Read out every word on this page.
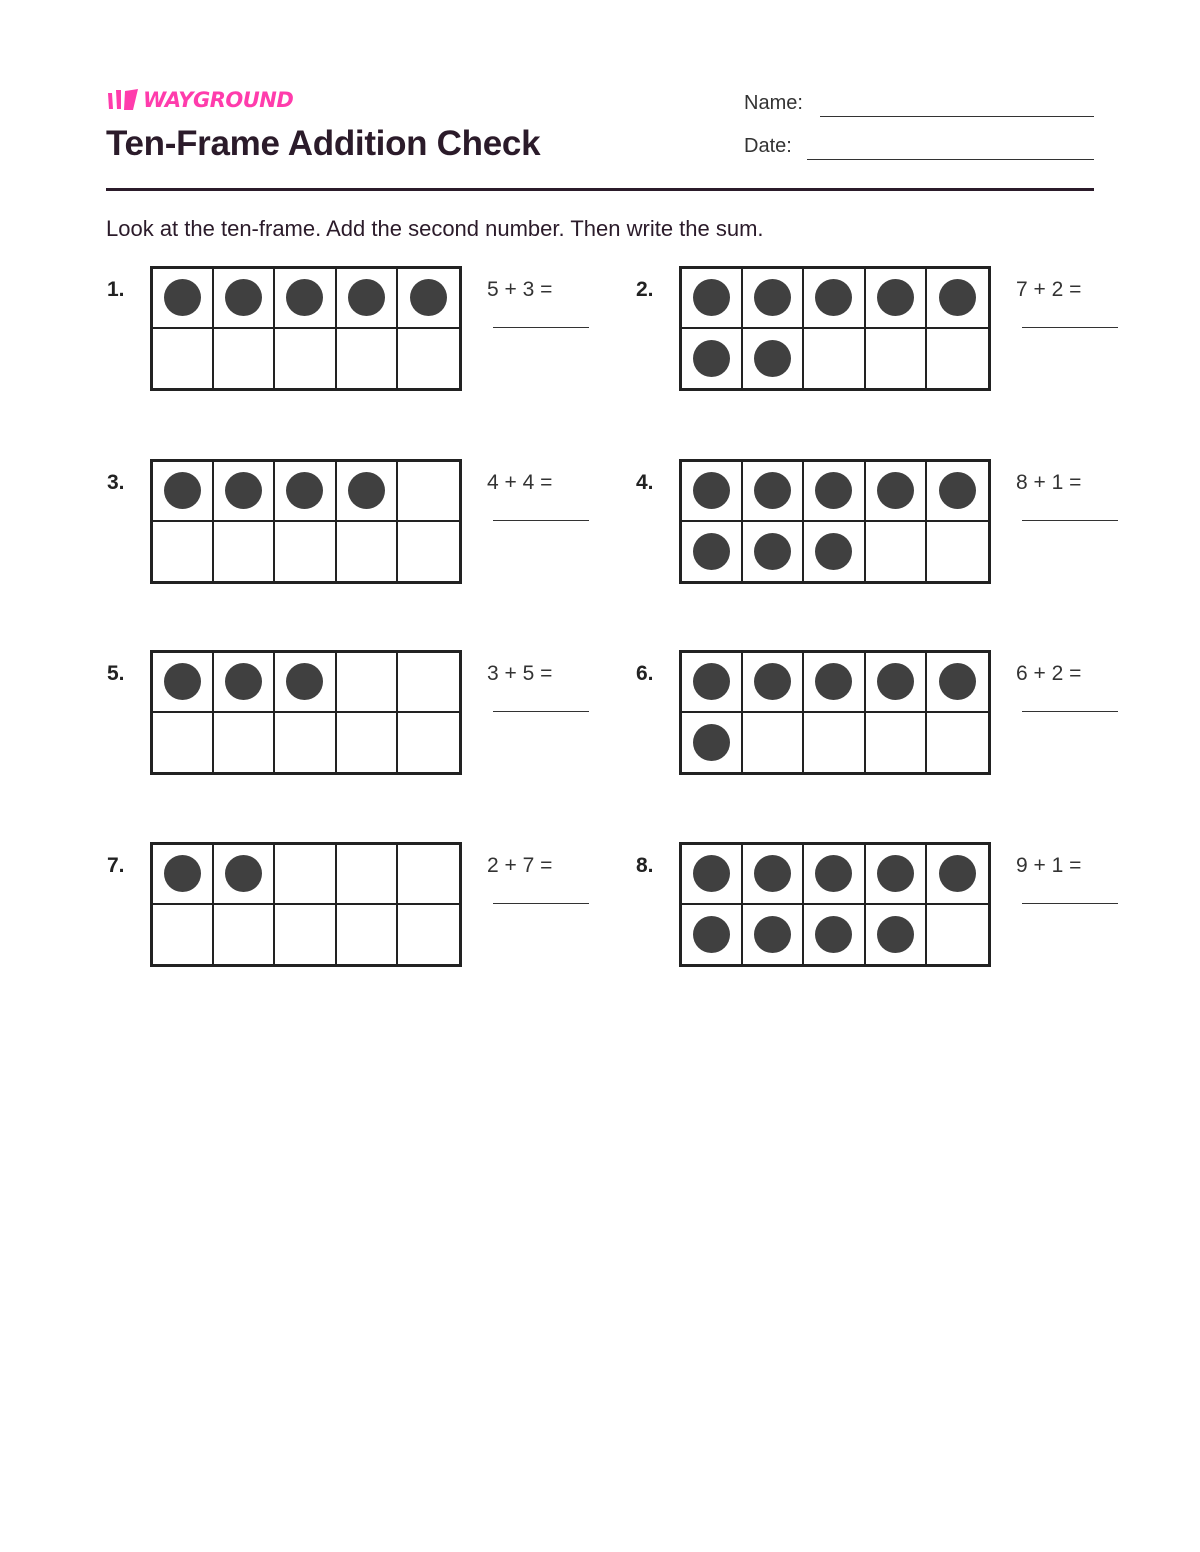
WAYGROUND
Ten-Frame Addition Check
Name:
Date:
Look at the ten-frame. Add the second number. Then write the sum.
1.	5 + 3 =	2.	7 + 2 =
3.	4 + 4 =	4.	8 + 1 =
5.	3 + 5 =	6.	6 + 2 =
7.	2 + 7 =	8.	9 + 1 =
